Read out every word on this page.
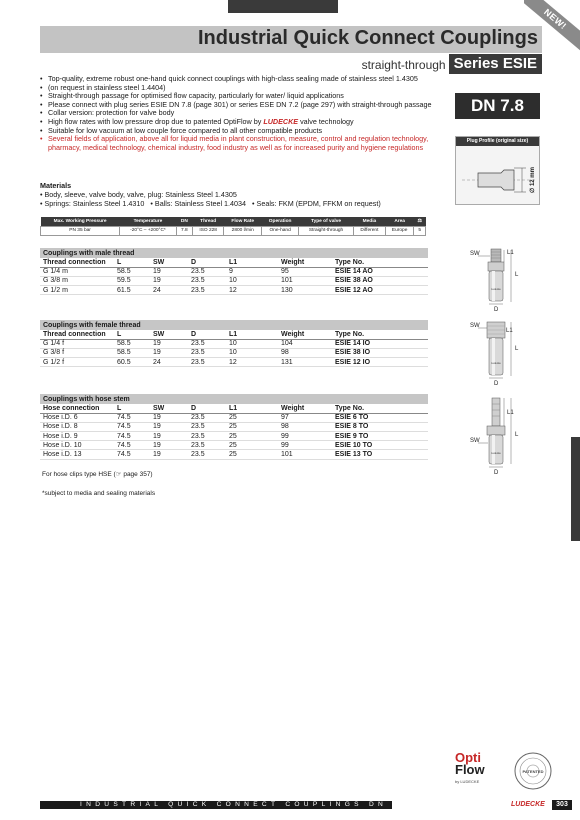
NEW!
Industrial Quick Connect Couplings
straight-through Series ESIE
• Top-quality, extreme robust one-hand quick connect couplings with high-class sealing made of stainless steel 1.4305
• (on request in stainless steel 1.4404)
• Straight-through passage for optimised flow capacity, particularly for water/ liquid applications
• Please connect with plug series ESIE DN 7.8 (page 301) or series ESE DN 7.2 (page 297) with straight-through passage
• Collar version: protection for valve body
• High flow rates with low pressure drop due to patented OptiFlow by LUDECKE valve technology
• Suitable for low vacuum at low couple force compared to all other compatible products
• Several fields of application, above all for liquid media in plant construction, measure, control and regulation technology, pharmacy, medical technology, chemical industry, food industry as well as for increased purity and hygiene regulations
DN 7.8
Plug Profile (original size)
∅ 12 mm
Materials
• Body, sleeve, valve body, valve, plug: Stainless Steel 1.4305
• Springs: Stainless Steel 1.4310	• Balls: Stainless Steel 1.4034	• Seals: FKM (EPDM, FFKM on request)
Max. Working Pressure	Temperature	DN	Thread	Flow Rate	Operation	Type of valve	Media	Area	⚖
PN 35 bar	-20°C – +200°C*	7.8	ISO 228	2800 l/min	One-hand	Straight-through	Different	Europe	5
Couplings with male thread						
Thread connection	L	SW	D	L1	Weight	Type No.
G 1/4 m	58.5	19	23.5	9	95	ESIE 14 AO
G 3/8 m	59.5	19	23.5	10	101	ESIE 38 AO
G 1/2 m	61.5	24	23.5	12	130	ESIE 12 AO
Couplings with female thread						
Thread connection	L	SW	D	L1	Weight	Type No.
G 1/4 f	58.5	19	23.5	10	104	ESIE 14 IO
G 3/8 f	58.5	19	23.5	10	98	ESIE 38 IO
G 1/2 f	60.5	24	23.5	12	131	ESIE 12 IO
Couplings with hose stem						
Hose connection	L	SW	D	L1	Weight	Type No.
Hose i.D. 6	74.5	19	23.5	25	97	ESIE 6 TO
Hose i.D. 8	74.5	19	23.5	25	98	ESIE 8 TO
Hose i.D. 9	74.5	19	23.5	25	99	ESIE 9 TO
Hose i.D. 10	74.5	19	23.5	25	99	ESIE 10 TO
Hose i.D. 13	74.5	19	23.5	25	101	ESIE 13 TO
For hose clips type HSE (☞ page 357)
*subject to media and sealing materials
SW	L1
L
Ludecke
D
SW
L1
L
Ludecke
D
SW
L1
L
Ludecke
D
Opti
Flow
by LUDECKE
PATENTED
INDUSTRIAL QUICK CONNECT COUPLINGS DN 7.8	LUDECKE	303
